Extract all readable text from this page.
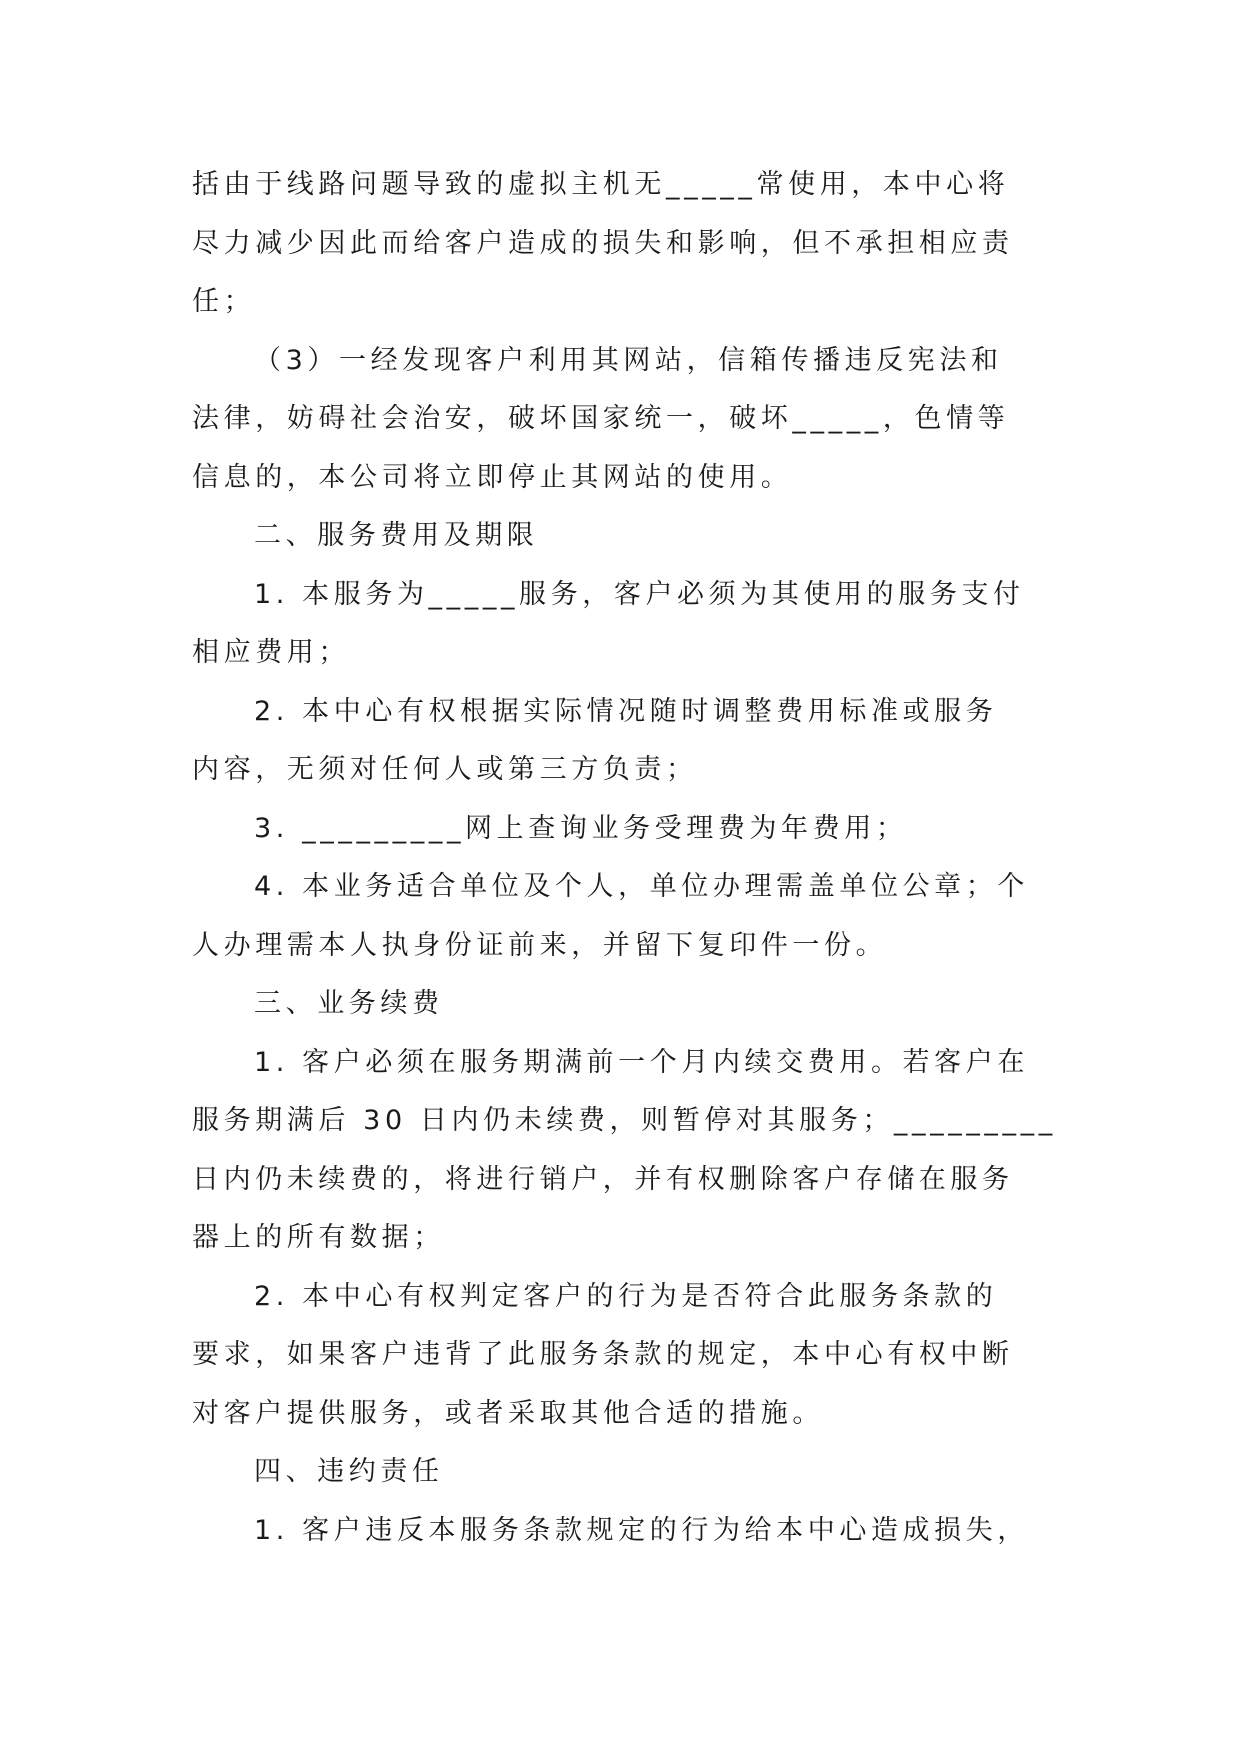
括由于线路问题导致的虚拟主机无_____常使用，本中心将
尽力减少因此而给客户造成的损失和影响，但不承担相应责
任；
（3）一经发现客户利用其网站，信箱传播违反宪法和
法律，妨碍社会治安，破坏国家统一，破坏_____，色情等
信息的，本公司将立即停止其网站的使用。
二、服务费用及期限
1. 本服务为_____服务，客户必须为其使用的服务支付
相应费用；
2. 本中心有权根据实际情况随时调整费用标准或服务
内容，无须对任何人或第三方负责；
3. _________网上查询业务受理费为年费用；
4. 本业务适合单位及个人，单位办理需盖单位公章；个
人办理需本人执身份证前来，并留下复印件一份。
三、业务续费
1. 客户必须在服务期满前一个月内续交费用。若客户在
服务期满后 30 日内仍未续费，则暂停对其服务；_________
日内仍未续费的，将进行销户，并有权删除客户存储在服务
器上的所有数据；
2. 本中心有权判定客户的行为是否符合此服务条款的
要求，如果客户违背了此服务条款的规定，本中心有权中断
对客户提供服务，或者采取其他合适的措施。
四、违约责任
1. 客户违反本服务条款规定的行为给本中心造成损失，
